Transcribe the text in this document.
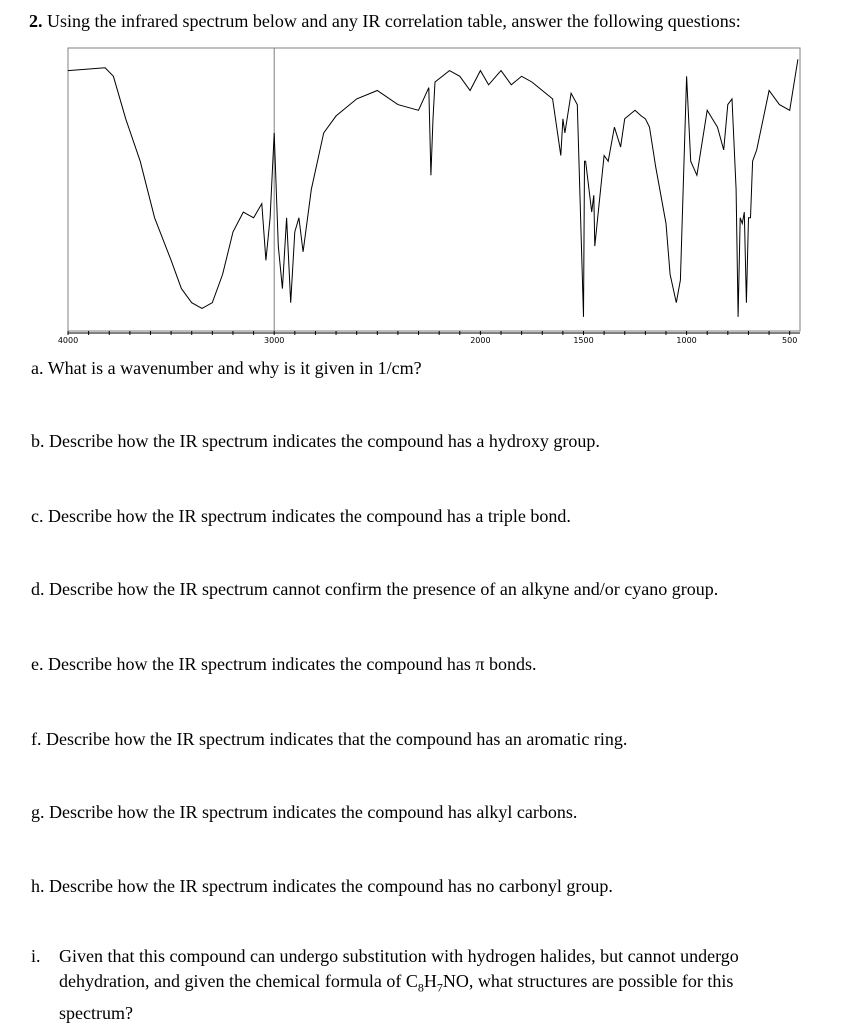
2. Using the infrared spectrum below and any IR correlation table, answer the following questions:
4000	3000	2000	1500	1000	500
a. What is a wavenumber and why is it given in 1/cm?
b. Describe how the IR spectrum indicates the compound has a hydroxy group.
c. Describe how the IR spectrum indicates the compound has a triple bond.
d. Describe how the IR spectrum cannot confirm the presence of an alkyne and/or cyano group.
e. Describe how the IR spectrum indicates the compound has π bonds.
f. Describe how the IR spectrum indicates that the compound has an aromatic ring.
g. Describe how the IR spectrum indicates the compound has alkyl carbons.
h. Describe how the IR spectrum indicates the compound has no carbonyl group.
i.	Given that this compound can undergo substitution with hydrogen halides, but cannot undergo dehydration, and given the chemical formula of $C_8H_7NO$, what structures are possible for this spectrum?
